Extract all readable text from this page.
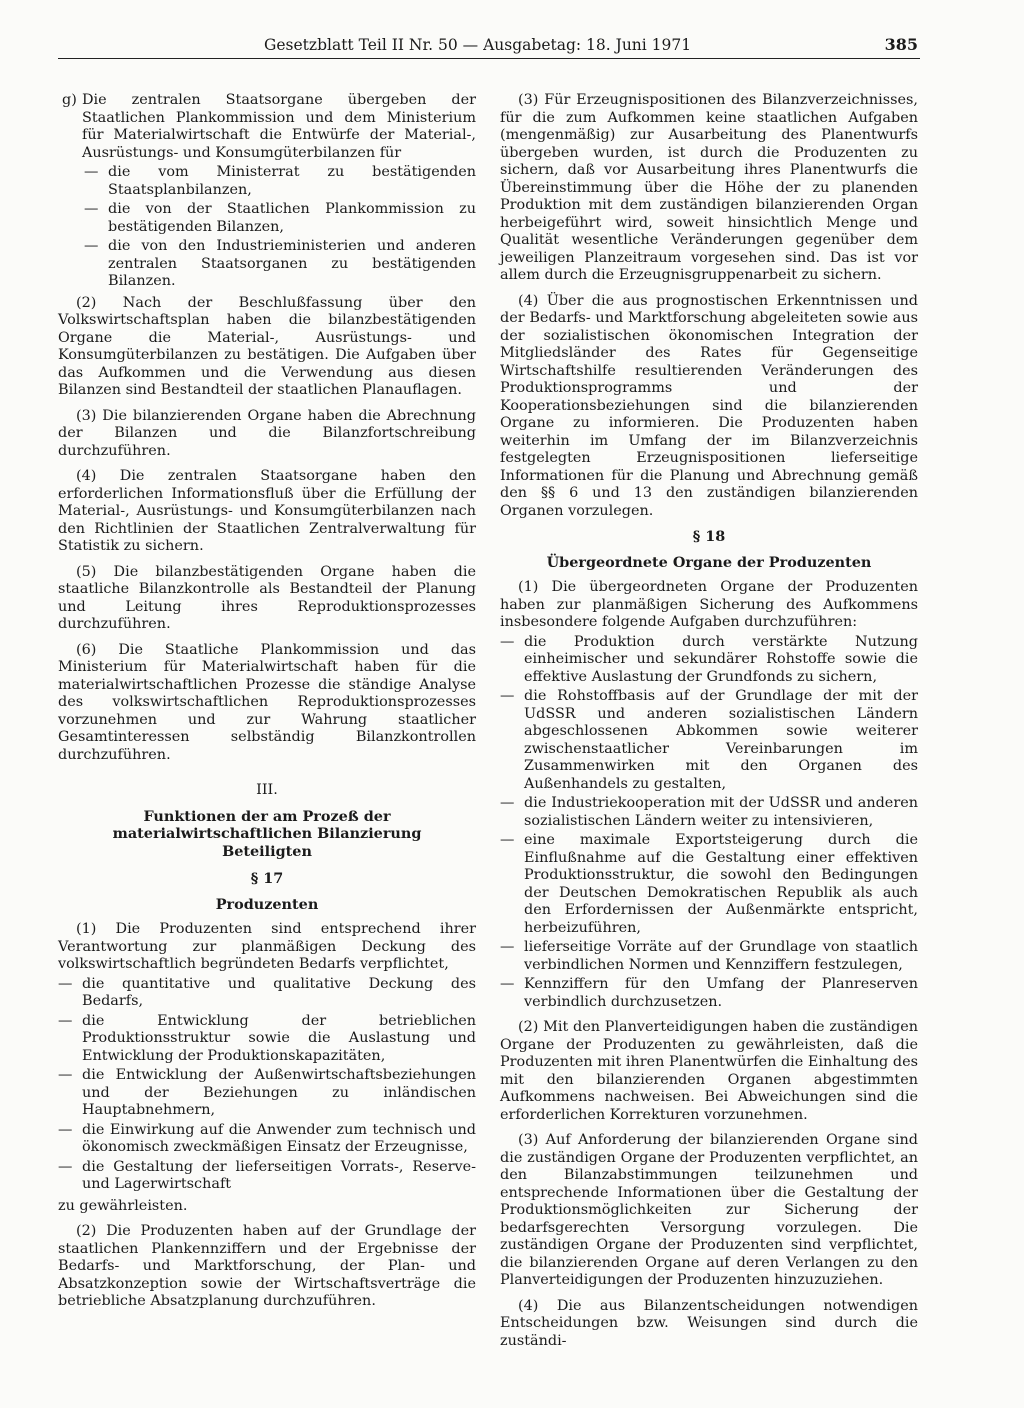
Gesetzblatt Teil II Nr. 50 — Ausgabetag: 18. Juni 1971	385
g) Die zentralen Staatsorgane übergeben der Staatlichen Plankommission und dem Ministerium für Materialwirtschaft die Entwürfe der Material-, Ausrüstungs- und Konsumgüterbilanzen für
— die vom Ministerrat zu bestätigenden Staatsplanbilanzen,
— die von der Staatlichen Plankommission zu bestätigenden Bilanzen,
— die von den Industrieministerien und anderen zentralen Staatsorganen zu bestätigenden Bilanzen.

(2) Nach der Beschlußfassung über den Volkswirtschaftsplan haben die bilanzbestätigenden Organe die Material-, Ausrüstungs- und Konsumgüterbilanzen zu bestätigen. Die Aufgaben über das Aufkommen und die Verwendung aus diesen Bilanzen sind Bestandteil der staatlichen Planauflagen.

(3) Die bilanzierenden Organe haben die Abrechnung der Bilanzen und die Bilanzfortschreibung durchzuführen.

(4) Die zentralen Staatsorgane haben den erforderlichen Informationsfluß über die Erfüllung der Material-, Ausrüstungs- und Konsumgüterbilanzen nach den Richtlinien der Staatlichen Zentralverwaltung für Statistik zu sichern.

(5) Die bilanzbestätigenden Organe haben die staatliche Bilanzkontrolle als Bestandteil der Planung und Leitung ihres Reproduktionsprozesses durchzuführen.

(6) Die Staatliche Plankommission und das Ministerium für Materialwirtschaft haben für die materialwirtschaftlichen Prozesse die ständige Analyse des volkswirtschaftlichen Reproduktionsprozesses vorzunehmen und zur Wahrung staatlicher Gesamtinteressen selbständig Bilanzkontrollen durchzuführen.

III.

Funktionen der am Prozeß der materialwirtschaftlichen Bilanzierung Beteiligten

§ 17

Produzenten

(1) Die Produzenten sind entsprechend ihrer Verantwortung zur planmäßigen Deckung des volkswirtschaftlich begründeten Bedarfs verpflichtet,

— die quantitative und qualitative Deckung des Bedarfs,
— die Entwicklung der betrieblichen Produktionsstruktur sowie die Auslastung und Entwicklung der Produktionskapazitäten,
— die Entwicklung der Außenwirtschaftsbeziehungen und der Beziehungen zu inländischen Hauptabnehmern,
— die Einwirkung auf die Anwender zum technisch und ökonomisch zweckmäßigen Einsatz der Erzeugnisse,
— die Gestaltung der lieferseitigen Vorrats-, Reserve- und Lagerwirtschaft

zu gewährleisten.

(2) Die Produzenten haben auf der Grundlage der staatlichen Plankennziffern und der Ergebnisse der Bedarfs- und Marktforschung, der Plan- und Absatzkonzeption sowie der Wirtschaftsverträge die betriebliche Absatzplanung durchzuführen.

(3) Für Erzeugnispositionen des Bilanzverzeichnisses, für die zum Aufkommen keine staatlichen Aufgaben (mengenmäßig) zur Ausarbeitung des Planentwurfs übergeben wurden, ist durch die Produzenten zu sichern, daß vor Ausarbeitung ihres Planentwurfs die Übereinstimmung über die Höhe der zu planenden Produktion mit dem zuständigen bilanzierenden Organ herbeigeführt wird, soweit hinsichtlich Menge und Qualität wesentliche Veränderungen gegenüber dem jeweiligen Planzeitraum vorgesehen sind. Das ist vor allem durch die Erzeugnisgruppenarbeit zu sichern.

(4) Über die aus prognostischen Erkenntnissen und der Bedarfs- und Marktforschung abgeleiteten sowie aus der sozialistischen ökonomischen Integration der Mitgliedsländer des Rates für Gegenseitige Wirtschaftshilfe resultierenden Veränderungen des Produktionsprogramms und der Kooperationsbeziehungen sind die bilanzierenden Organe zu informieren. Die Produzenten haben weiterhin im Umfang der im Bilanzverzeichnis festgelegten Erzeugnispositionen lieferseitige Informationen für die Planung und Abrechnung gemäß den §§ 6 und 13 den zuständigen bilanzierenden Organen vorzulegen.

§ 18

Übergeordnete Organe der Produzenten

(1) Die übergeordneten Organe der Produzenten haben zur planmäßigen Sicherung des Aufkommens insbesondere folgende Aufgaben durchzuführen:

— die Produktion durch verstärkte Nutzung einheimischer und sekundärer Rohstoffe sowie die effektive Auslastung der Grundfonds zu sichern,
— die Rohstoffbasis auf der Grundlage der mit der UdSSR und anderen sozialistischen Ländern abgeschlossenen Abkommen sowie weiterer zwischenstaatlicher Vereinbarungen im Zusammenwirken mit den Organen des Außenhandels zu gestalten,
— die Industriekooperation mit der UdSSR und anderen sozialistischen Ländern weiter zu intensivieren,
— eine maximale Exportsteigerung durch die Einflußnahme auf die Gestaltung einer effektiven Produktionsstruktur, die sowohl den Bedingungen der Deutschen Demokratischen Republik als auch den Erfordernissen der Außenmärkte entspricht, herbeizuführen,
— lieferseitige Vorräte auf der Grundlage von staatlich verbindlichen Normen und Kennziffern festzulegen,
— Kennziffern für den Umfang der Planreserven verbindlich durchzusetzen.

(2) Mit den Planverteidigungen haben die zuständigen Organe der Produzenten zu gewährleisten, daß die Produzenten mit ihren Planentwürfen die Einhaltung des mit den bilanzierenden Organen abgestimmten Aufkommens nachweisen. Bei Abweichungen sind die erforderlichen Korrekturen vorzunehmen.

(3) Auf Anforderung der bilanzierenden Organe sind die zuständigen Organe der Produzenten verpflichtet, an den Bilanzabstimmungen teilzunehmen und entsprechende Informationen über die Gestaltung der Produktionsmöglichkeiten zur Sicherung der bedarfsgerechten Versorgung vorzulegen. Die zuständigen Organe der Produzenten sind verpflichtet, die bilanzierenden Organe auf deren Verlangen zu den Planverteidigungen der Produzenten hinzuzuziehen.

(4) Die aus Bilanzentscheidungen notwendigen Entscheidungen bzw. Weisungen sind durch die zuständi-
